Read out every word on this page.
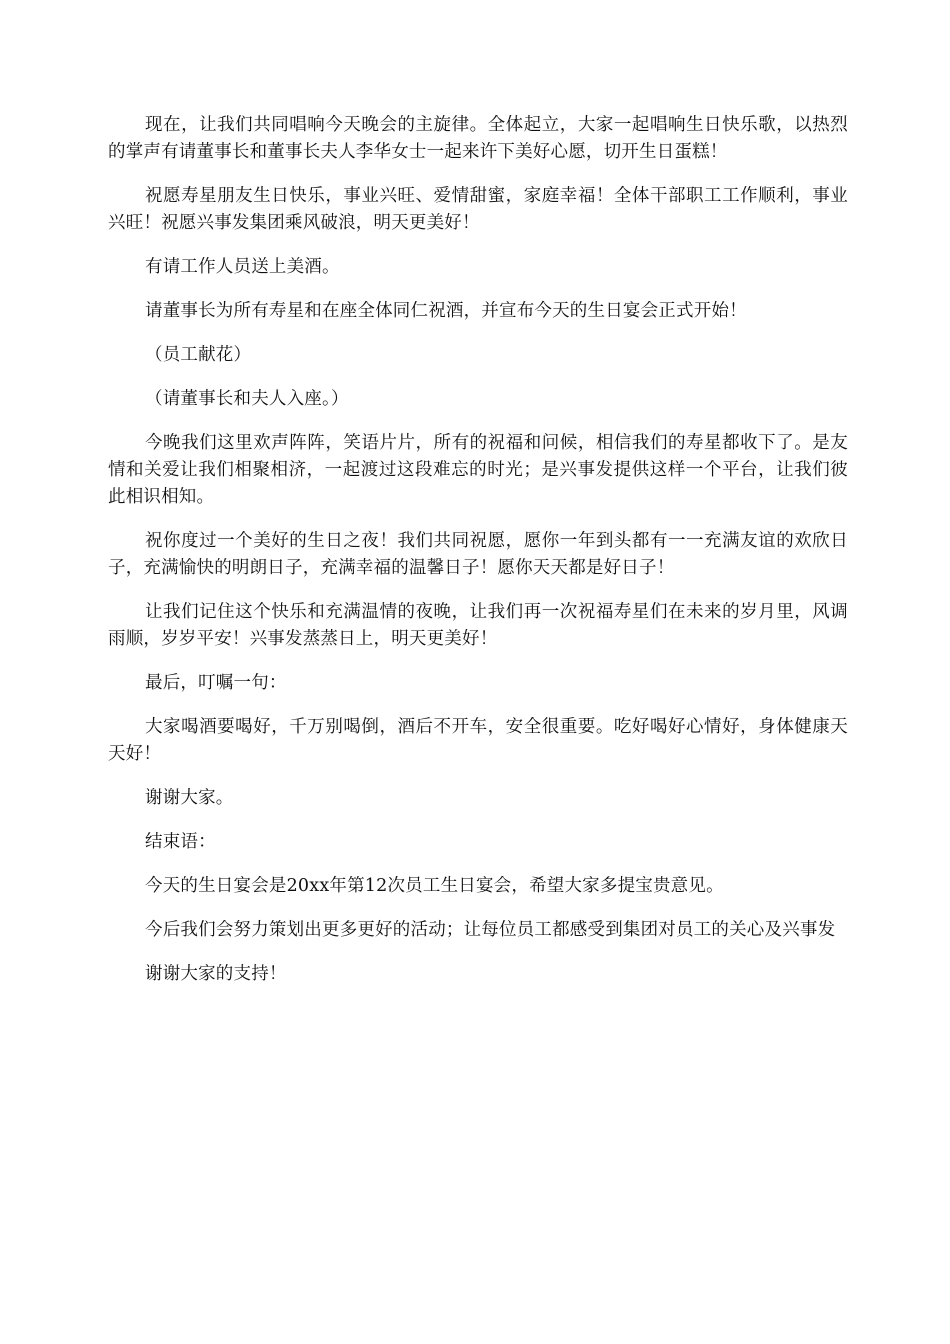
现在，让我们共同唱响今天晚会的主旋律。全体起立，大家一起唱响生日快乐歌，以热烈的掌声有请董事长和董事长夫人李华女士一起来许下美好心愿，切开生日蛋糕！

祝愿寿星朋友生日快乐，事业兴旺、爱情甜蜜，家庭幸福！全体干部职工工作顺利，事业兴旺！祝愿兴事发集团乘风破浪，明天更美好！

有请工作人员送上美酒。

请董事长为所有寿星和在座全体同仁祝酒，并宣布今天的生日宴会正式开始！

（员工献花）

（请董事长和夫人入座。）

今晚我们这里欢声阵阵，笑语片片，所有的祝福和问候，相信我们的寿星都收下了。是友情和关爱让我们相聚相济，一起渡过这段难忘的时光；是兴事发提供这样一个平台，让我们彼此相识相知。

祝你度过一个美好的生日之夜！我们共同祝愿，愿你一年到头都有一一充满友谊的欢欣日子，充满愉快的明朗日子，充满幸福的温馨日子！愿你天天都是好日子！

让我们记住这个快乐和充满温情的夜晚，让我们再一次祝福寿星们在未来的岁月里，风调雨顺，岁岁平安！兴事发蒸蒸日上，明天更美好！

最后，叮嘱一句：

大家喝酒要喝好，千万别喝倒，酒后不开车，安全很重要。吃好喝好心情好，身体健康天天好！

谢谢大家。

结束语：

今天的生日宴会是20xx年第12次员工生日宴会，希望大家多提宝贵意见。

今后我们会努力策划出更多更好的活动；让每位员工都感受到集团对员工的关心及兴事发

谢谢大家的支持！
